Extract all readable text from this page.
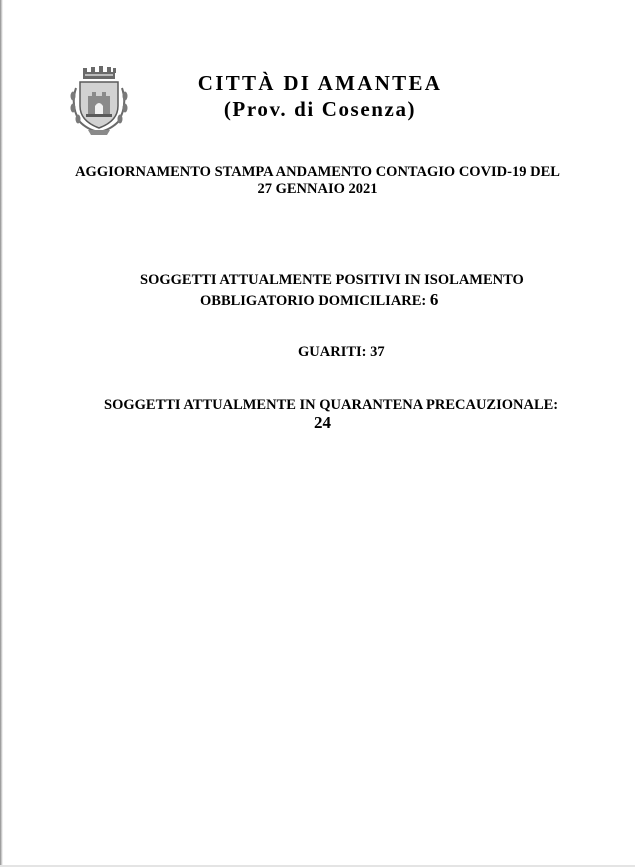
CITTÀ DI AMANTEA
(Prov. di Cosenza)
AGGIORNAMENTO STAMPA ANDAMENTO CONTAGIO COVID-19 DEL
27 GENNAIO 2021
SOGGETTI ATTUALMENTE POSITIVI IN ISOLAMENTO
OBBLIGATORIO DOMICILIARE: 6
GUARITI: 37
SOGGETTI ATTUALMENTE IN QUARANTENA PRECAUZIONALE:
24
